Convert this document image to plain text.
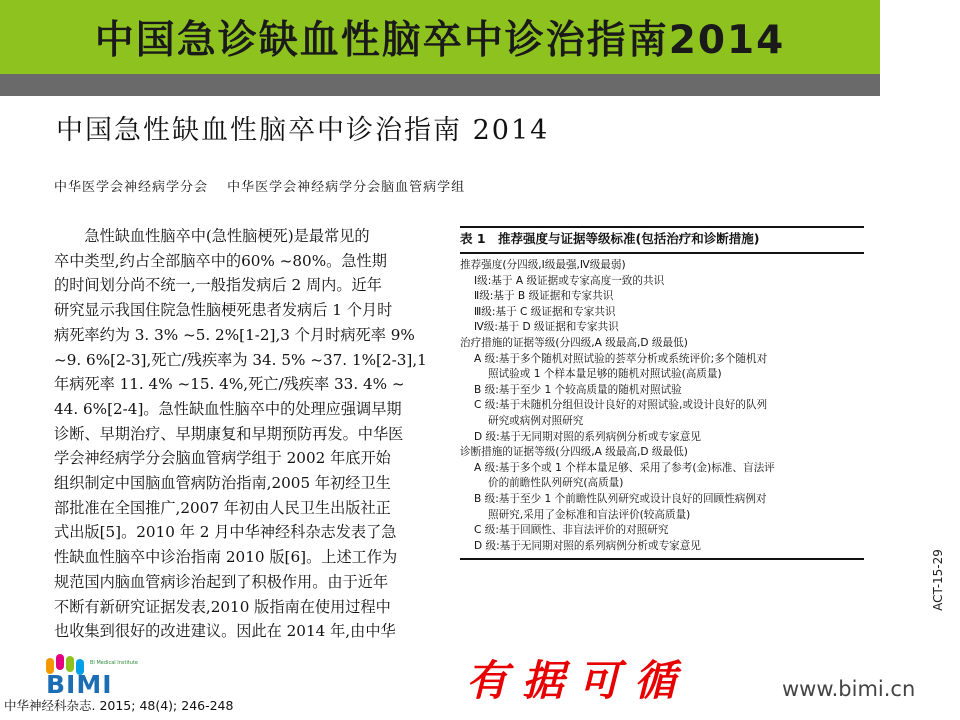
中国急诊缺血性脑卒中诊治指南2014
中国急性缺血性脑卒中诊治指南 2014
中华医学会神经病学分会　 中华医学会神经病学分会脑血管病学组

　　急性缺血性脑卒中(急性脑梗死)是最常见的

卒中类型,约占全部脑卒中的60% ~80%。急性期

的时间划分尚不统一,一般指发病后 2 周内。近年

研究显示我国住院急性脑梗死患者发病后 1 个月时

病死率约为 3. 3% ~5. 2%[1-2],3 个月时病死率 9%

~9. 6%[2-3],死亡/残疾率为 34. 5% ~37. 1%[2-3],1

年病死率 11. 4% ~15. 4%,死亡/残疾率 33. 4% ~

44. 6%[2-4]。急性缺血性脑卒中的处理应强调早期

诊断、早期治疗、早期康复和早期预防再发。中华医

学会神经病学分会脑血管病学组于 2002 年底开始

组织制定中国脑血管病防治指南,2005 年初经卫生

部批准在全国推广,2007 年初由人民卫生出版社正

式出版[5]。2010 年 2 月中华神经科杂志发表了急

性缺血性脑卒中诊治指南 2010 版[6]。上述工作为

规范国内脑血管病诊治起到了积极作用。由于近年

不断有新研究证据发表,2010 版指南在使用过程中

也收集到很好的改进建议。因此在 2014 年,由中华

表 1　推荐强度与证据等级标准(包括治疗和诊断措施)
推荐强度(分四级,Ⅰ级最强,Ⅳ级最弱)
Ⅰ级:基于 A 级证据或专家高度一致的共识
Ⅱ级:基于 B 级证据和专家共识
Ⅲ级:基于 C 级证据和专家共识
Ⅳ级:基于 D 级证据和专家共识
治疗措施的证据等级(分四级,A 级最高,D 级最低)
A 级:基于多个随机对照试验的荟萃分析或系统评价;多个随机对
照试验或 1 个样本量足够的随机对照试验(高质量)
B 级:基于至少 1 个较高质量的随机对照试验
C 级:基于未随机分组但设计良好的对照试验,或设计良好的队列
研究或病例对照研究
D 级:基于无同期对照的系列病例分析或专家意见
诊断措施的证据等级(分四级,A 级最高,D 级最低)
A 级:基于多个或 1 个样本量足够、采用了参考(金)标准、盲法评
价的前瞻性队列研究(高质量)
B 级:基于至少 1 个前瞻性队列研究或设计良好的回顾性病例对
照研究,采用了金标准和盲法评价(较高质量)
C 级:基于回顾性、非盲法评价的对照研究
D 级:基于无同期对照的系列病例分析或专家意见
ACT-15-29
BI Medical Institute
BIMI	有据可循	www.bimi.cn
中华神经科杂志. 2015; 48(4); 246-248
